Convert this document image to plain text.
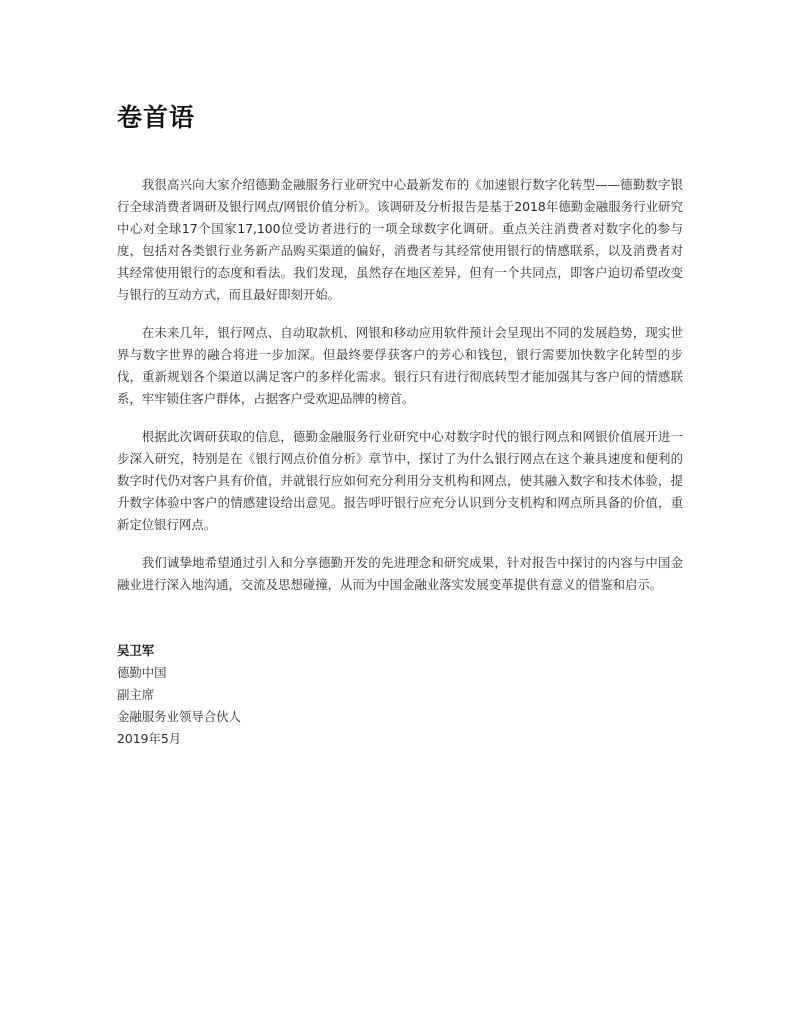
卷首语

我很高兴向大家介绍德勤金融服务行业研究中心最新发布的《加速银行数字化转型——德勤数字银行全球消费者调研及银行网点/网银价值分析》。该调研及分析报告是基于2018年德勤金融服务行业研究中心对全球17个国家17,100位受访者进行的一项全球数字化调研。重点关注消费者对数字化的参与度，包括对各类银行业务新产品购买渠道的偏好，消费者与其经常使用银行的情感联系，以及消费者对其经常使用银行的态度和看法。我们发现，虽然存在地区差异，但有一个共同点，即客户迫切希望改变与银行的互动方式，而且最好即刻开始。

在未来几年，银行网点、自动取款机、网银和移动应用软件预计会呈现出不同的发展趋势，现实世界与数字世界的融合将进一步加深。但最终要俘获客户的芳心和钱包，银行需要加快数字化转型的步伐，重新规划各个渠道以满足客户的多样化需求。银行只有进行彻底转型才能加强其与客户间的情感联系，牢牢锁住客户群体，占据客户受欢迎品牌的榜首。

根据此次调研获取的信息，德勤金融服务行业研究中心对数字时代的银行网点和网银价值展开进一步深入研究，特别是在《银行网点价值分析》章节中，探讨了为什么银行网点在这个兼具速度和便利的数字时代仍对客户具有价值，并就银行应如何充分利用分支机构和网点，使其融入数字和技术体验，提升数字体验中客户的情感建设给出意见。报告呼吁银行应充分认识到分支机构和网点所具备的价值，重新定位银行网点。

我们诚挚地希望通过引入和分享德勤开发的先进理念和研究成果，针对报告中探讨的内容与中国金融业进行深入地沟通，交流及思想碰撞，从而为中国金融业落实发展变革提供有意义的借鉴和启示。

吴卫军
德勤中国
副主席
金融服务业领导合伙人
2019年5月
